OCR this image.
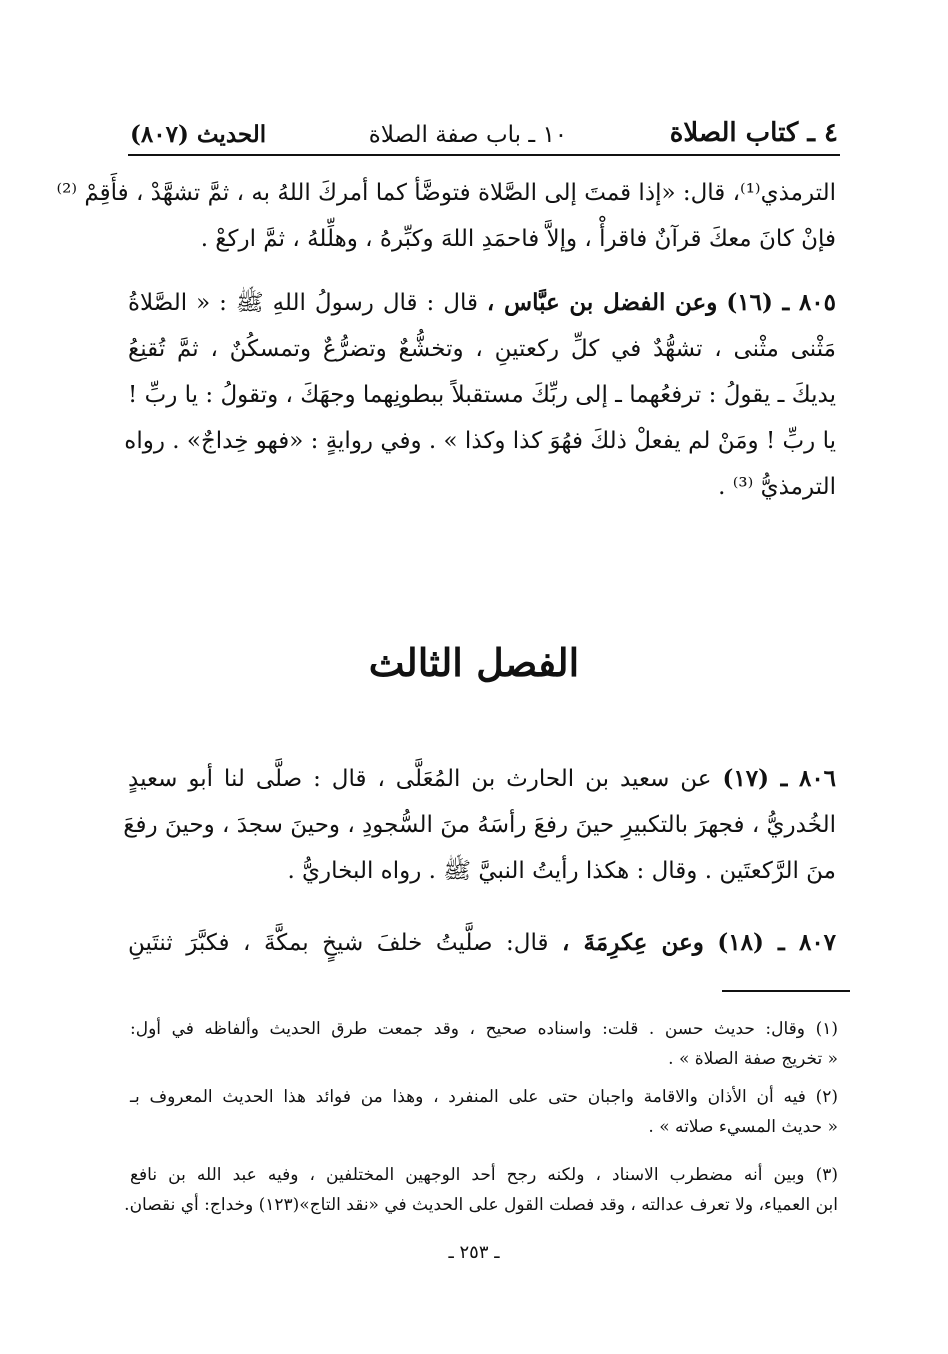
٤ ـ كتاب الصلاة
١٠ ـ باب صفة الصلاة
الحديث (٨٠٧)
الترمذي⁽¹⁾، قال: «إذا قمتَ إلى الصَّلاة فتوضَّأ كما أمركَ اللهُ به ، ثمَّ تشهَّدْ ، فأَقِمْ ⁽²⁾
فإنْ كانَ معكَ قرآنٌ فاقرأْ ، وإلاَّ فاحمَدِ اللهَ وكبِّرهُ ، وهلِّلهُ ، ثمَّ اركعْ .
٨٠٥ ـ (١٦) وعن الفضل بن عبَّاس ، قال : قال رسولُ اللهِ ﷺ : « الصَّلاةُ
مَثْنى مثْنى ، تشهُّدٌ في كلِّ ركعتينِ ، وتخشُّعٌ وتضرُّعٌ وتمسكُنٌ ، ثمَّ تُقنِعُ
يديكَ ـ يقولُ : ترفعُهما ـ إلى ربِّكَ مستقبلاً ببطونِهما وجهَكَ ، وتقولُ : يا ربِّ !
يا ربِّ ! ومَنْ لم يفعلْ ذلكَ فهُوَ كذا وكذا » . وفي روايةٍ : «فهو خِداجٌ» . رواه
الترمذيُّ ⁽³⁾ .
الفصل الثالث
٨٠٦ ـ (١٧) عن سعيد بن الحارث بن المُعَلَّى ، قال : صلَّى لنا أبو سعيدٍ
الخُدريُّ ، فجهرَ بالتكبيرِ حينَ رفعَ رأسَهُ منَ السُّجودِ ، وحينَ سجدَ ، وحينَ رفعَ
منَ الرَّكعتَين . وقال : هكذا رأيتُ النبيَّ ﷺ . رواه البخاريُّ .
٨٠٧ ـ (١٨) وعن عِكرِمَةَ ، قال: صلَّيتُ خلفَ شيخٍ بمكَّةَ ، فكبَّرَ ثنتَينِ
(١) وقال: حديث حسن . قلت: واسناده صحيح ، وقد جمعت طرق الحديث وألفاظه في أول:
« تخريج صفة الصلاة » .
(٢) فيه أن الأذان والاقامة واجبان حتى على المنفرد ، وهذا من فوائد هذا الحديث المعروف بـ
« حديث المسيء صلاته » .
(٣) وبين أنه مضطرب الاسناد ، ولكنه رجح أحد الوجهين المختلفين ، وفيه عبد الله بن نافع
ابن العمياء، ولا تعرف عدالته ، وقد فصلت القول على الحديث في «نقد التاج»(١٢٣) وخداج: أي نقصان.
ـ ٢٥٣ ـ
